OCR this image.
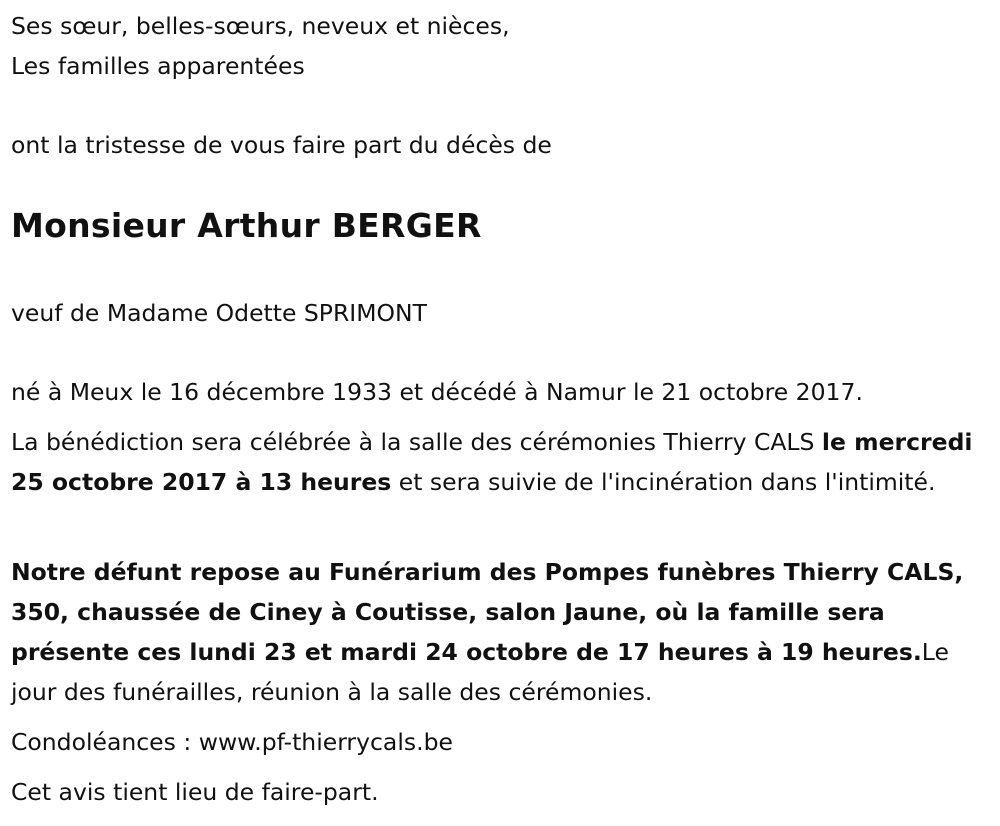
Ses sœur, belles-sœurs, neveux et nièces,

Les familles apparentées

ont la tristesse de vous faire part du décès de

Monsieur Arthur BERGER

veuf de Madame Odette SPRIMONT

né à Meux le 16 décembre 1933 et décédé à Namur le 21 octobre 2017.

La bénédiction sera célébrée à la salle des cérémonies Thierry CALS le mercredi 25 octobre 2017 à 13 heures et sera suivie de l'incinération dans l'intimité.

Notre défunt repose au Funérarium des Pompes funèbres Thierry CALS, 350, chaussée de Ciney à Coutisse, salon Jaune, où la famille sera présente ces lundi 23 et mardi 24 octobre de 17 heures à 19 heures.Le jour des funérailles, réunion à la salle des cérémonies.

Condoléances : www.pf-thierrycals.be

Cet avis tient lieu de faire-part.
